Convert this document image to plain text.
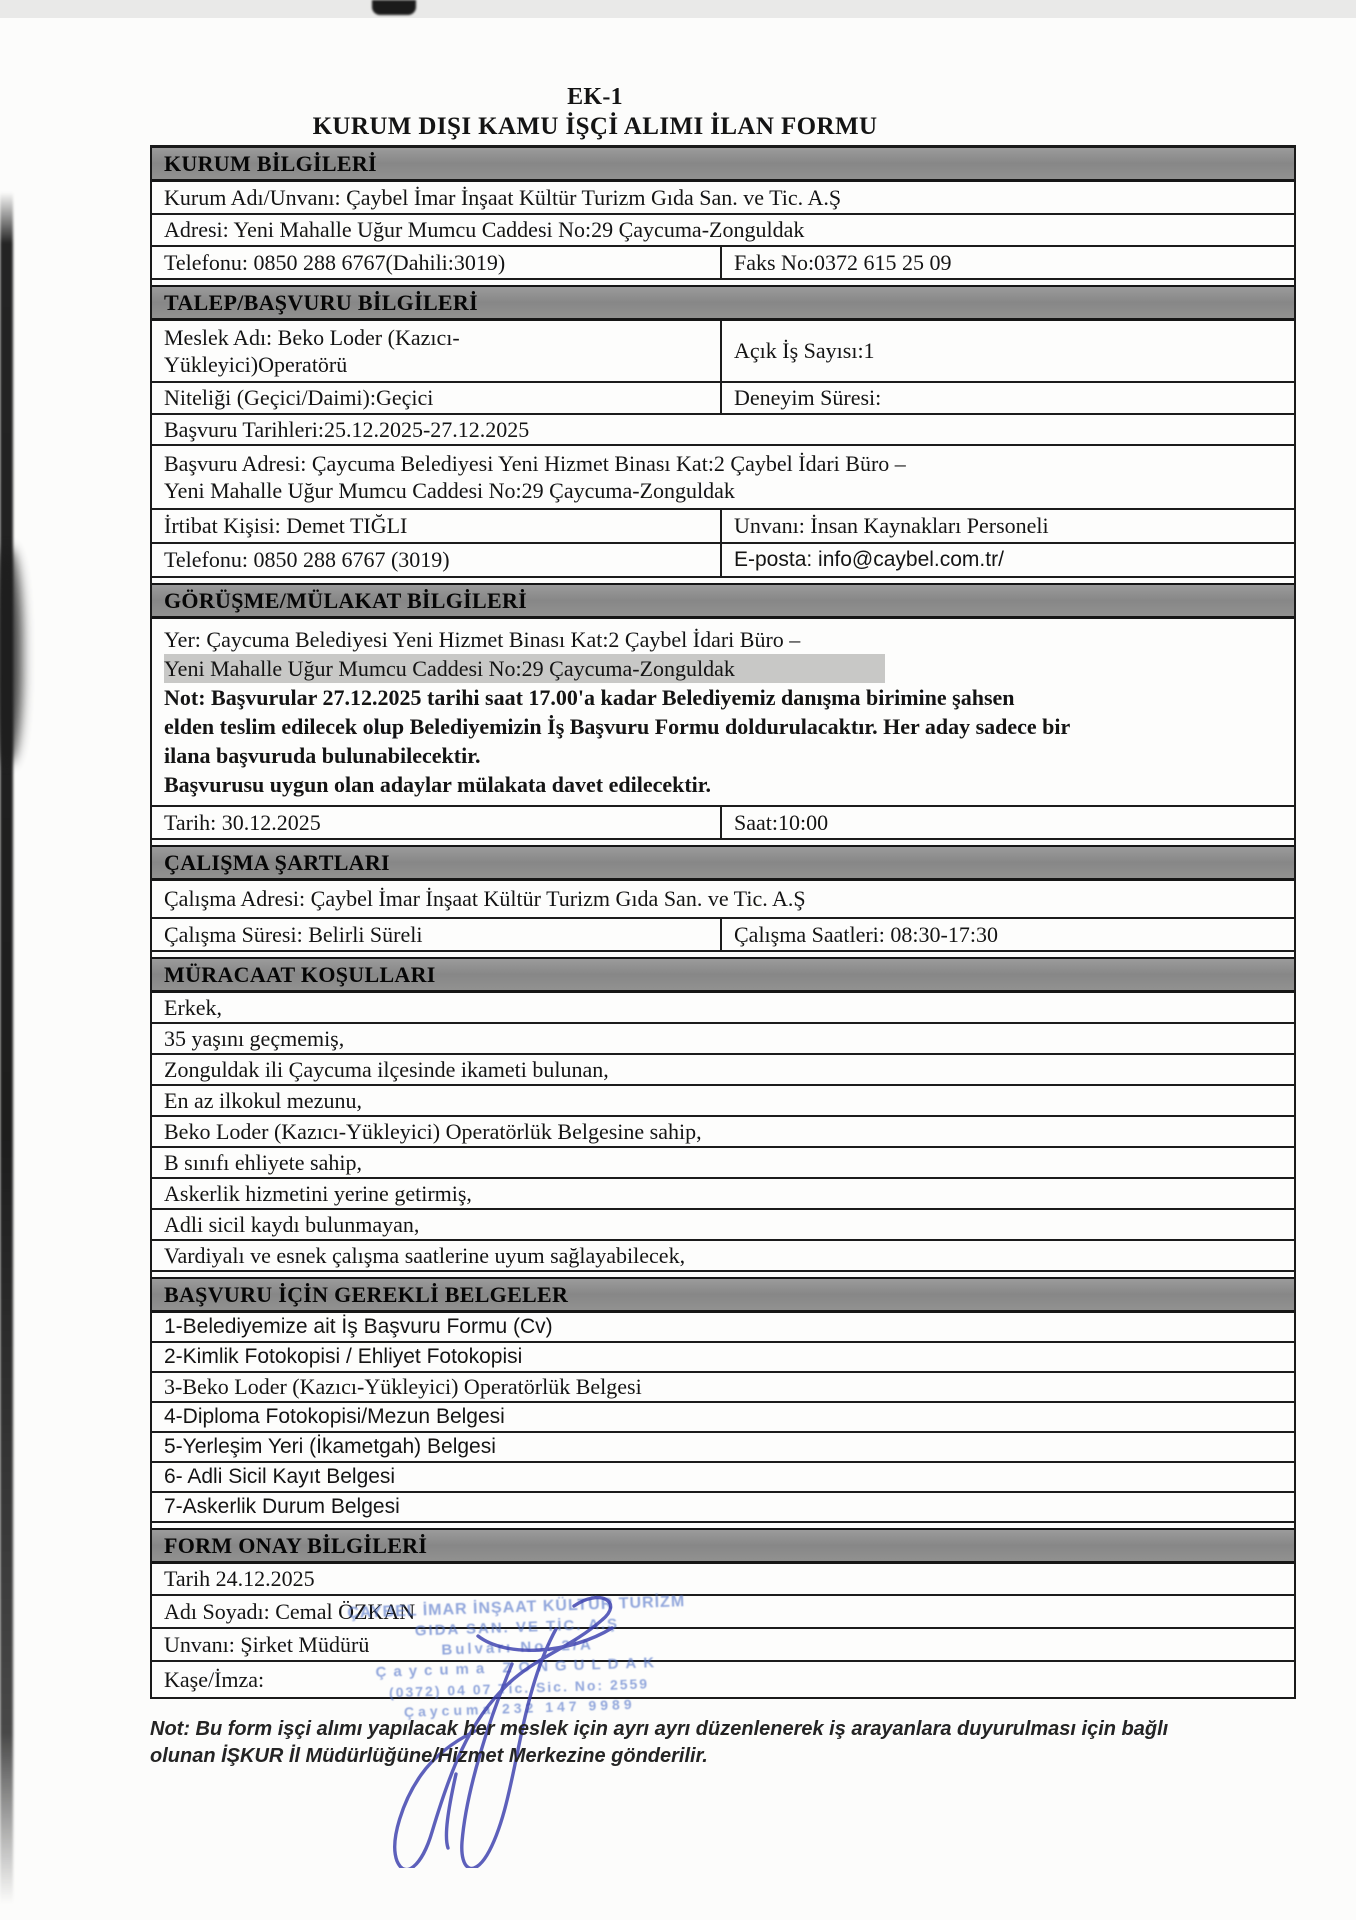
EK-1
KURUM DIŞI KAMU İŞÇİ ALIMI İLAN FORMU
KURUM BİLGİLERİ
Kurum Adı/Unvanı: Çaybel İmar İnşaat Kültür Turizm Gıda San. ve Tic. A.Ş
Adresi: Yeni Mahalle Uğur Mumcu Caddesi No:29 Çaycuma-Zonguldak
Telefonu: 0850 288 6767(Dahili:3019)	Faks No:0372 615 25 09
TALEP/BAŞVURU BİLGİLERİ
Meslek Adı: Beko Loder (Kazıcı-
Yükleyici)Operatörü
Açık İş Sayısı:1
Niteliği (Geçici/Daimi):Geçici	Deneyim Süresi:
Başvuru Tarihleri:25.12.2025-27.12.2025
Başvuru Adresi: Çaycuma Belediyesi Yeni Hizmet Binası Kat:2 Çaybel İdari Büro –
Yeni Mahalle Uğur Mumcu Caddesi No:29 Çaycuma-Zonguldak
İrtibat Kişisi: Demet TIĞLI	Unvanı: İnsan Kaynakları Personeli
Telefonu: 0850 288 6767 (3019)	E-posta: info@caybel.com.tr/
GÖRÜŞME/MÜLAKAT BİLGİLERİ
Yer: Çaycuma Belediyesi Yeni Hizmet Binası Kat:2 Çaybel İdari Büro –
Yeni Mahalle Uğur Mumcu Caddesi No:29 Çaycuma-Zonguldak
Not: Başvurular 27.12.2025 tarihi saat 17.00'a kadar Belediyemiz danışma birimine şahsen
elden teslim edilecek olup Belediyemizin İş Başvuru Formu doldurulacaktır. Her aday sadece bir
ilana başvuruda bulunabilecektir.
Başvurusu uygun olan adaylar mülakata davet edilecektir.
Tarih: 30.12.2025	Saat:10:00
ÇALIŞMA ŞARTLARI
Çalışma Adresi: Çaybel İmar İnşaat Kültür Turizm Gıda San. ve Tic. A.Ş
Çalışma Süresi: Belirli Süreli	Çalışma Saatleri: 08:30-17:30
MÜRACAAT KOŞULLARI
Erkek,
35 yaşını geçmemiş,
Zonguldak ili Çaycuma ilçesinde ikameti bulunan,
En az ilkokul mezunu,
Beko Loder (Kazıcı-Yükleyici) Operatörlük Belgesine sahip,
B sınıfı ehliyete sahip,
Askerlik hizmetini yerine getirmiş,
Adli sicil kaydı bulunmayan,
Vardiyalı ve esnek çalışma saatlerine uyum sağlayabilecek,
BAŞVURU İÇİN GEREKLİ BELGELER
1-Belediyemize ait İş Başvuru Formu (Cv)
2-Kimlik Fotokopisi / Ehliyet Fotokopisi
3-Beko Loder (Kazıcı-Yükleyici) Operatörlük Belgesi
4-Diploma Fotokopisi/Mezun Belgesi
5-Yerleşim Yeri (İkametgah) Belgesi
6- Adli Sicil Kayıt Belgesi
7-Askerlik Durum Belgesi
FORM ONAY BİLGİLERİ
Tarih 24.12.2025
Adı Soyadı: Cemal ÖZKAN
Unvanı: Şirket Müdürü
Kaşe/İmza:
ÇAYBEL İMAR İNŞAAT KÜLTÜR TURİZM
GIDA SAN. VE TİC. A.Ş
Bulvarı No: 2/A
Çaycuma ZONGULDAK
(0372) 04 07 Tic. Sic. No: 2559
Çaycuma 232 147 9989
Not: Bu form işçi alımı yapılacak her meslek için ayrı ayrı düzenlenerek iş arayanlara duyurulması için bağlı
olunan İŞKUR İl Müdürlüğüne/Hizmet Merkezine gönderilir.
